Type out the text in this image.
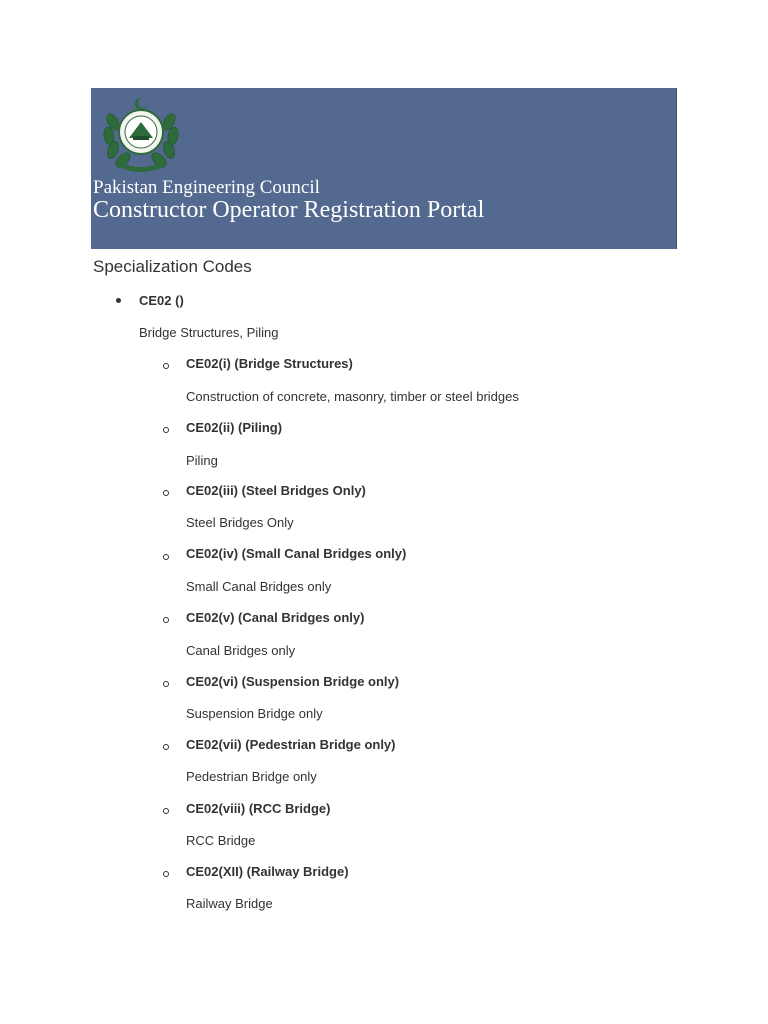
Pakistan Engineering Council
Constructor Operator Registration Portal
Specialization Codes
CE02 ()
Bridge Structures, Piling
CE02(i) (Bridge Structures)
Construction of concrete, masonry, timber or steel bridges
CE02(ii) (Piling)
Piling
CE02(iii) (Steel Bridges Only)
Steel Bridges Only
CE02(iv) (Small Canal Bridges only)
Small Canal Bridges only
CE02(v) (Canal Bridges only)
Canal Bridges only
CE02(vi) (Suspension Bridge only)
Suspension Bridge only
CE02(vii) (Pedestrian Bridge only)
Pedestrian Bridge only
CE02(viii) (RCC Bridge)
RCC Bridge
CE02(XII) (Railway Bridge)
Railway Bridge
